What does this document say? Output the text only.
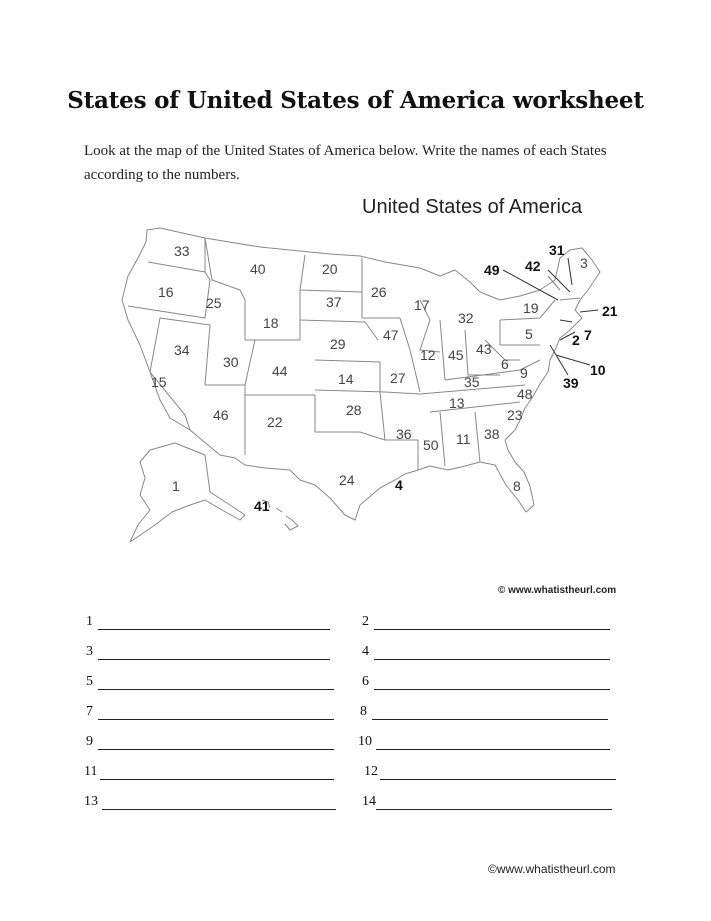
States of United States of America worksheet
Look at the map of the United States of America below. Write the names of each States according to the numbers.
United States of America
33
40	20
16
25	37
26
18
17
32
47
34
30
29
15
44	14	27
12 45 43
46	22
28
36
50 11
24
1
41
4	8
31
3
42
49
19	21
5	2 7
6
9
35
48
13
23
38
10
39
© www.whatistheurl.com
1	2
3	4
5	6
7	8
9	10
11	12
13	14
©www.whatistheurl.com
